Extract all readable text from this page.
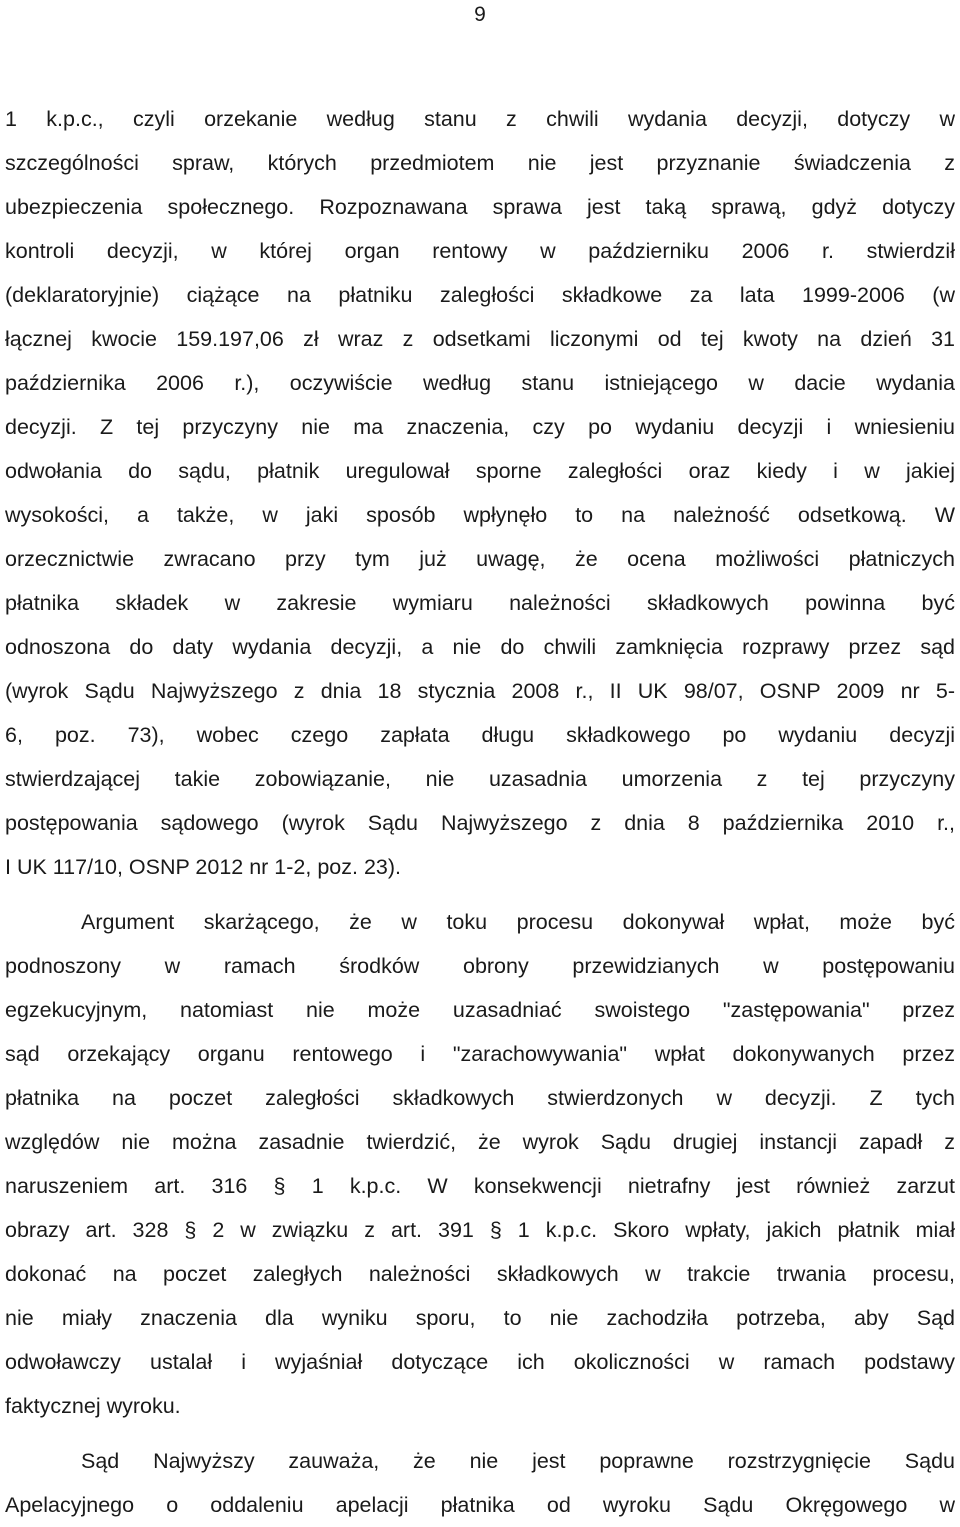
9
1 k.p.c., czyli orzekanie według stanu z chwili wydania decyzji, dotyczy w
szczególności spraw, których przedmiotem nie jest przyznanie świadczenia z
ubezpieczenia społecznego. Rozpoznawana sprawa jest taką sprawą, gdyż dotyczy
kontroli decyzji, w której organ rentowy w październiku 2006 r. stwierdził
(deklaratoryjnie) ciążące na płatniku zaległości składkowe za lata 1999-2006 (w
łącznej kwocie 159.197,06 zł wraz z odsetkami liczonymi od tej kwoty na dzień 31
października 2006 r.), oczywiście według stanu istniejącego w dacie wydania
decyzji. Z tej przyczyny nie ma znaczenia, czy po wydaniu decyzji i wniesieniu
odwołania do sądu, płatnik uregulował sporne zaległości oraz kiedy i w jakiej
wysokości, a także, w jaki sposób wpłynęło to na należność odsetkową. W
orzecznictwie zwracano przy tym już uwagę, że ocena możliwości płatniczych
płatnika składek w zakresie wymiaru należności składkowych powinna być
odnoszona do daty wydania decyzji, a nie do chwili zamknięcia rozprawy przez sąd
(wyrok Sądu Najwyższego z dnia 18 stycznia 2008 r., II UK 98/07, OSNP 2009 nr 5-
6, poz. 73), wobec czego zapłata długu składkowego po wydaniu decyzji
stwierdzającej takie zobowiązanie, nie uzasadnia umorzenia z tej przyczyny
postępowania sądowego (wyrok Sądu Najwyższego z dnia 8 października 2010 r.,
I UK 117/10, OSNP 2012 nr 1-2, poz. 23).
Argument skarżącego, że w toku procesu dokonywał wpłat, może być
podnoszony w ramach środków obrony przewidzianych w postępowaniu
egzekucyjnym, natomiast nie może uzasadniać swoistego "zastępowania" przez
sąd orzekający organu rentowego i "zarachowywania" wpłat dokonywanych przez
płatnika na poczet zaległości składkowych stwierdzonych w decyzji. Z tych
względów nie można zasadnie twierdzić, że wyrok Sądu drugiej instancji zapadł z
naruszeniem art. 316 § 1 k.p.c. W konsekwencji nietrafny jest również zarzut
obrazy art. 328 § 2 w związku z art. 391 § 1 k.p.c. Skoro wpłaty, jakich płatnik miał
dokonać na poczet zaległych należności składkowych w trakcie trwania procesu,
nie miały znaczenia dla wyniku sporu, to nie zachodziła potrzeba, aby Sąd
odwoławczy ustalał i wyjaśniał dotyczące ich okoliczności w ramach podstawy
faktycznej wyroku.
Sąd Najwyższy zauważa, że nie jest poprawne rozstrzygnięcie Sądu
Apelacyjnego o oddaleniu apelacji płatnika od wyroku Sądu Okręgowego w
